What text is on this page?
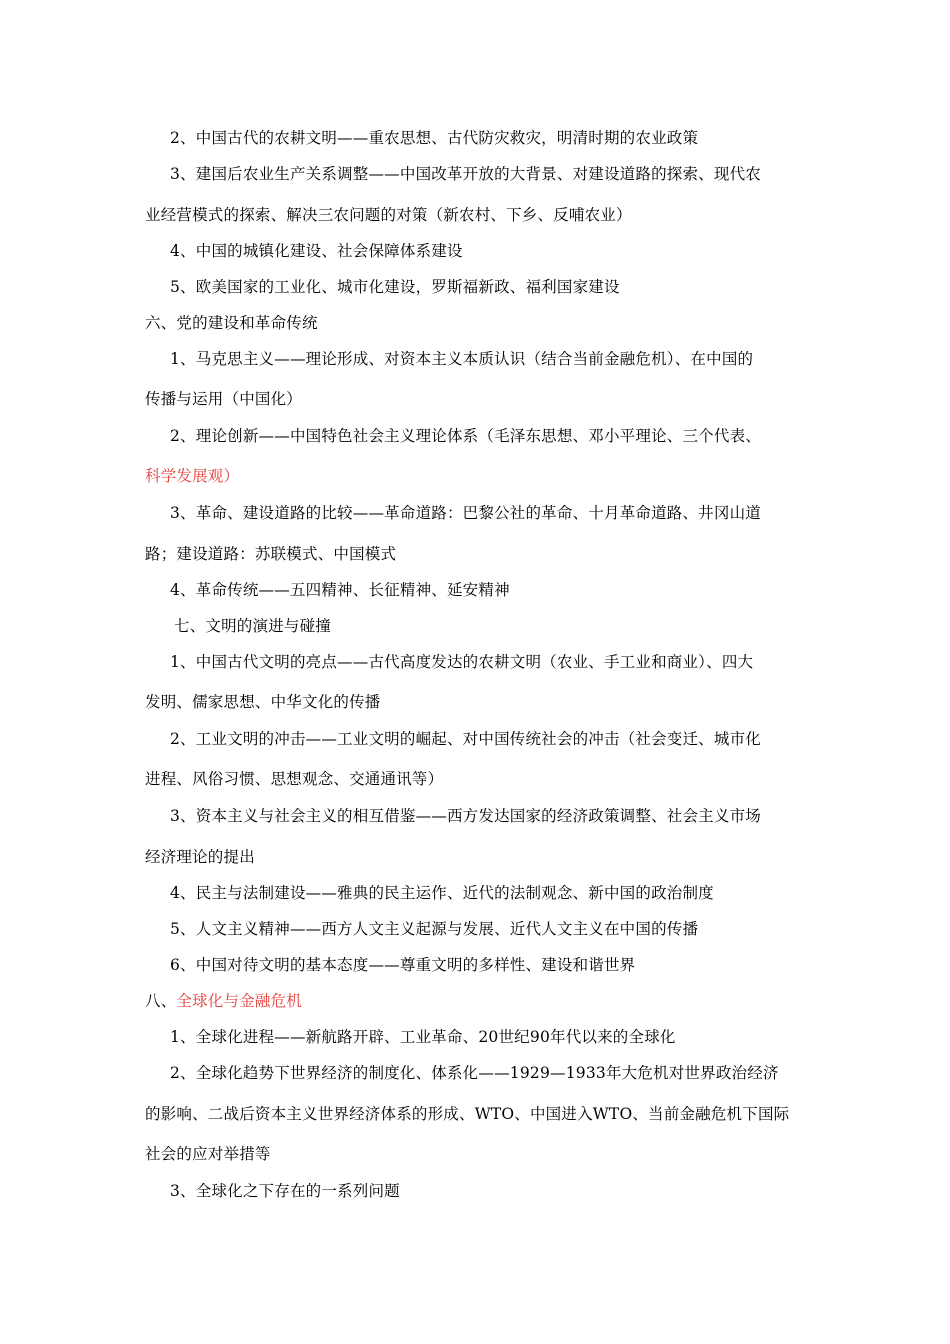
2、中国古代的农耕文明——重农思想、古代防灾救灾，明清时期的农业政策
3、建国后农业生产关系调整——中国改革开放的大背景、对建设道路的探索、现代农
业经营模式的探索、解决三农问题的对策（新农村、下乡、反哺农业）
4、中国的城镇化建设、社会保障体系建设
5、欧美国家的工业化、城市化建设，罗斯福新政、福利国家建设
六、党的建设和革命传统
1、马克思主义——理论形成、对资本主义本质认识（结合当前金融危机）、在中国的
传播与运用（中国化）
2、理论创新——中国特色社会主义理论体系（毛泽东思想、邓小平理论、三个代表、
科学发展观）
3、革命、建设道路的比较——革命道路：巴黎公社的革命、十月革命道路、井冈山道
路；建设道路：苏联模式、中国模式
4、革命传统——五四精神、长征精神、延安精神
七、文明的演进与碰撞
1、中国古代文明的亮点——古代高度发达的农耕文明（农业、手工业和商业）、四大
发明、儒家思想、中华文化的传播
2、工业文明的冲击——工业文明的崛起、对中国传统社会的冲击（社会变迁、城市化
进程、风俗习惯、思想观念、交通通讯等）
3、资本主义与社会主义的相互借鉴——西方发达国家的经济政策调整、社会主义市场
经济理论的提出
4、民主与法制建设——雅典的民主运作、近代的法制观念、新中国的政治制度
5、人文主义精神——西方人文主义起源与发展、近代人文主义在中国的传播
6、中国对待文明的基本态度——尊重文明的多样性、建设和谐世界
八、全球化与金融危机
1、全球化进程——新航路开辟、工业革命、20世纪90年代以来的全球化
2、全球化趋势下世界经济的制度化、体系化——1929—1933年大危机对世界政治经济
的影响、二战后资本主义世界经济体系的形成、WTO、中国进入WTO、当前金融危机下国际
社会的应对举措等
3、全球化之下存在的一系列问题
